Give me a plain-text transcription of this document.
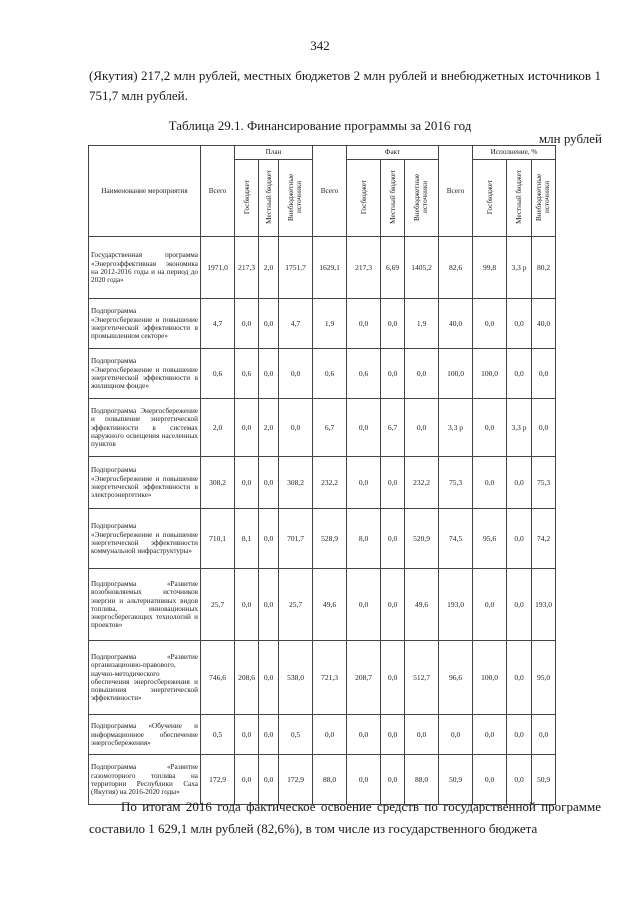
342

(Якутия) 217,2 млн рублей, местных бюджетов 2 млн рублей и внебюджетных источников 1 751,7 млн рублей.

Таблица 29.1. Финансирование программы за 2016 год
млн рублей
Наименование мероприятия	Всего	План			Всего	Факт			Всего	Исполнение, %			
		Госбюджет	Местный бюджет	Внебюджетные источники		Госбюджет	Местный бюджет	Внебюджетные источники		Госбюджет	Местный бюджет	Внебюджетные источники	
Государственная программа «Энергоэффективная экономика на 2012-2016 годы и на период до 2020 года»	1971,0	217,3	2,0	1751,7	1629,1	217,3	6,69	1405,2	82,6	99,8	3,3 р	80,2	
Подпрограмма «Энергосбережение и повышение энергетической эффективности в промышленном секторе»	4,7	0,0	0,0	4,7	1,9	0,0	0,0	1,9	40,0	0,0	0,0	40,0	
Подпрограмма «Энергосбережение и повышение энергетической эффективности в жилищном фонде»	0,6	0,6	0,0	0,0	0,6	0,6	0,0	0,0	100,0	100,0	0,0	0,0	
Подпрограмма Энергосбережение и повышение энергетической эффективности в системах наружного освещения населенных пунктов	2,0	0,0	2,0	0,0	6,7	0,0	6,7	0,0	3,3 р	0,0	3,3 р	0,0	
Подпрограмма «Энергосбережение и повышение энергетической эффективности в электроэнергетике»	308,2	0,0	0,0	308,2	232,2	0,0	0,0	232,2	75,3	0,0	0,0	75,3	
Подпрограмма «Энергосбережение и повышение энергетической эффективности коммунальной инфраструктуры»	710,1	8,1	0,0	701,7	528,9	8,0	0,0	520,9	74,5	95,6	0,0	74,2	
Подпрограмма «Развитие возобновляемых источников энергии и альтернативных видов топлива, инновационных энергосберегающих технологий и проектов»	25,7	0,0	0,0	25,7	49,6	0,0	0,0	49,6	193,0	0,0	0,0	193,0	
Подпрограмма «Развитие организационно-правового, научно-методического обеспечения энергосбережения и повышения энергетической эффективности»	746,6	208,6	0,0	538,0	721,3	208,7	0,0	512,7	96,6	100,0	0,0	95,0	
Подпрограмма «Обучение и информационное обеспечение энергосбережения»	0,5	0,0	0,0	0,5	0,0	0,0	0,0	0,0	0,0	0,0	0,0	0,0	
Подпрограмма «Развитие газомоторного топлива на территории Республики Саха (Якутия) на 2016-2020 годы»	172,9	0,0	0,0	172,9	88,0	0,0	0,0	88,0	50,9	0,0	0,0	50,9	

По итогам 2016 года фактическое освоение средств по государственной программе составило 1 629,1 млн рублей (82,6%), в том числе из государственного бюджета
